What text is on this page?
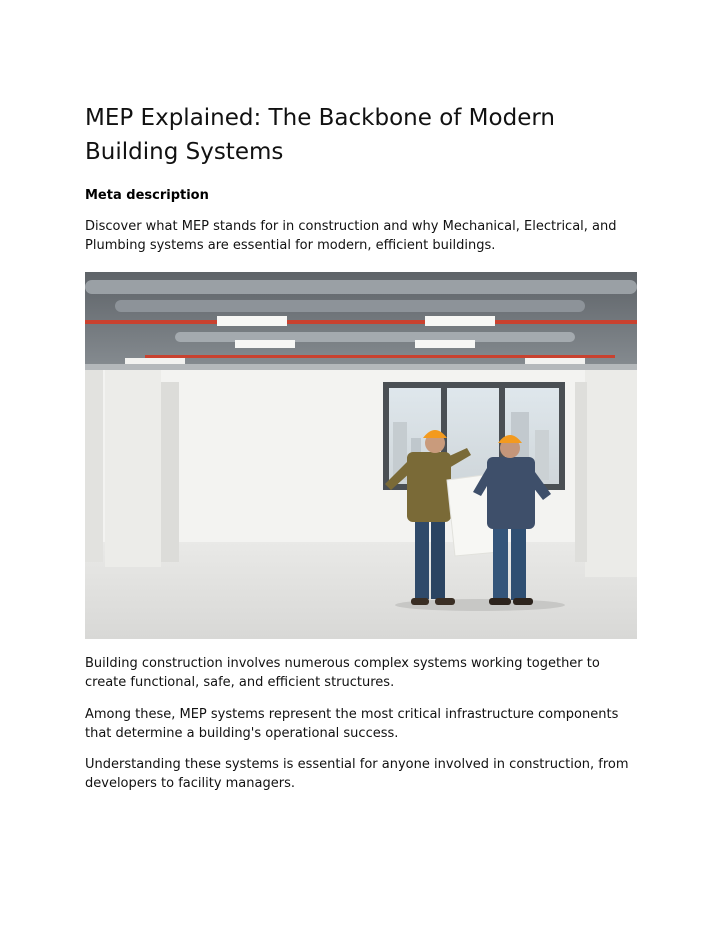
MEP Explained: The Backbone of Modern Building Systems
Meta description

Discover what MEP stands for in construction and why Mechanical, Electrical, and Plumbing systems are essential for modern, efficient buildings.

Building construction involves numerous complex systems working together to create functional, safe, and efficient structures.

Among these, MEP systems represent the most critical infrastructure components that determine a building's operational success.

Understanding these systems is essential for anyone involved in construction, from developers to facility managers.
